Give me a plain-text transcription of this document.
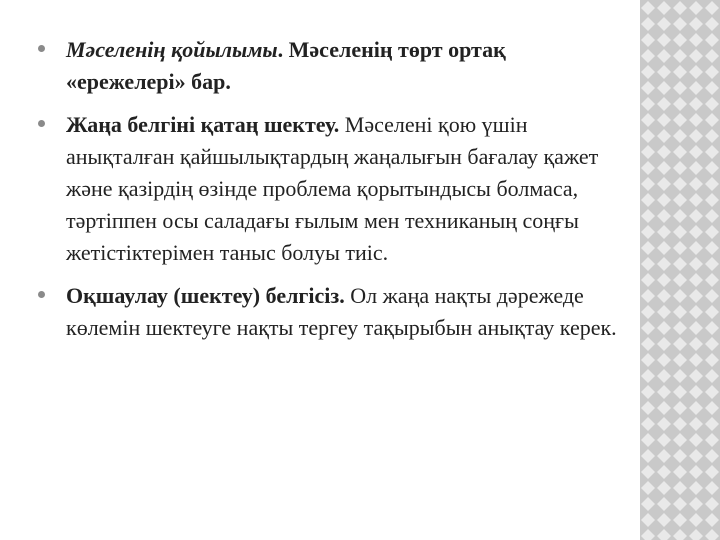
Мәселенің қойылымы. Мәселенің төрт ортақ «ережелері» бар.
Жаңа белгіні қатаң шектеу. Мәселені қою үшін анықталған қайшылықтардың жаңалығын бағалау қажет және қазірдің өзінде проблема қорытындысы болмаса, тәртіппен осы саладағы ғылым мен техниканың соңғы жетістіктерімен таныс болуы тиіс.
Оқшаулау (шектеу) белгісіз. Ол жаңа нақты дәрежеде көлемін шектеуге нақты тергеу тақырыбын анықтау керек.
